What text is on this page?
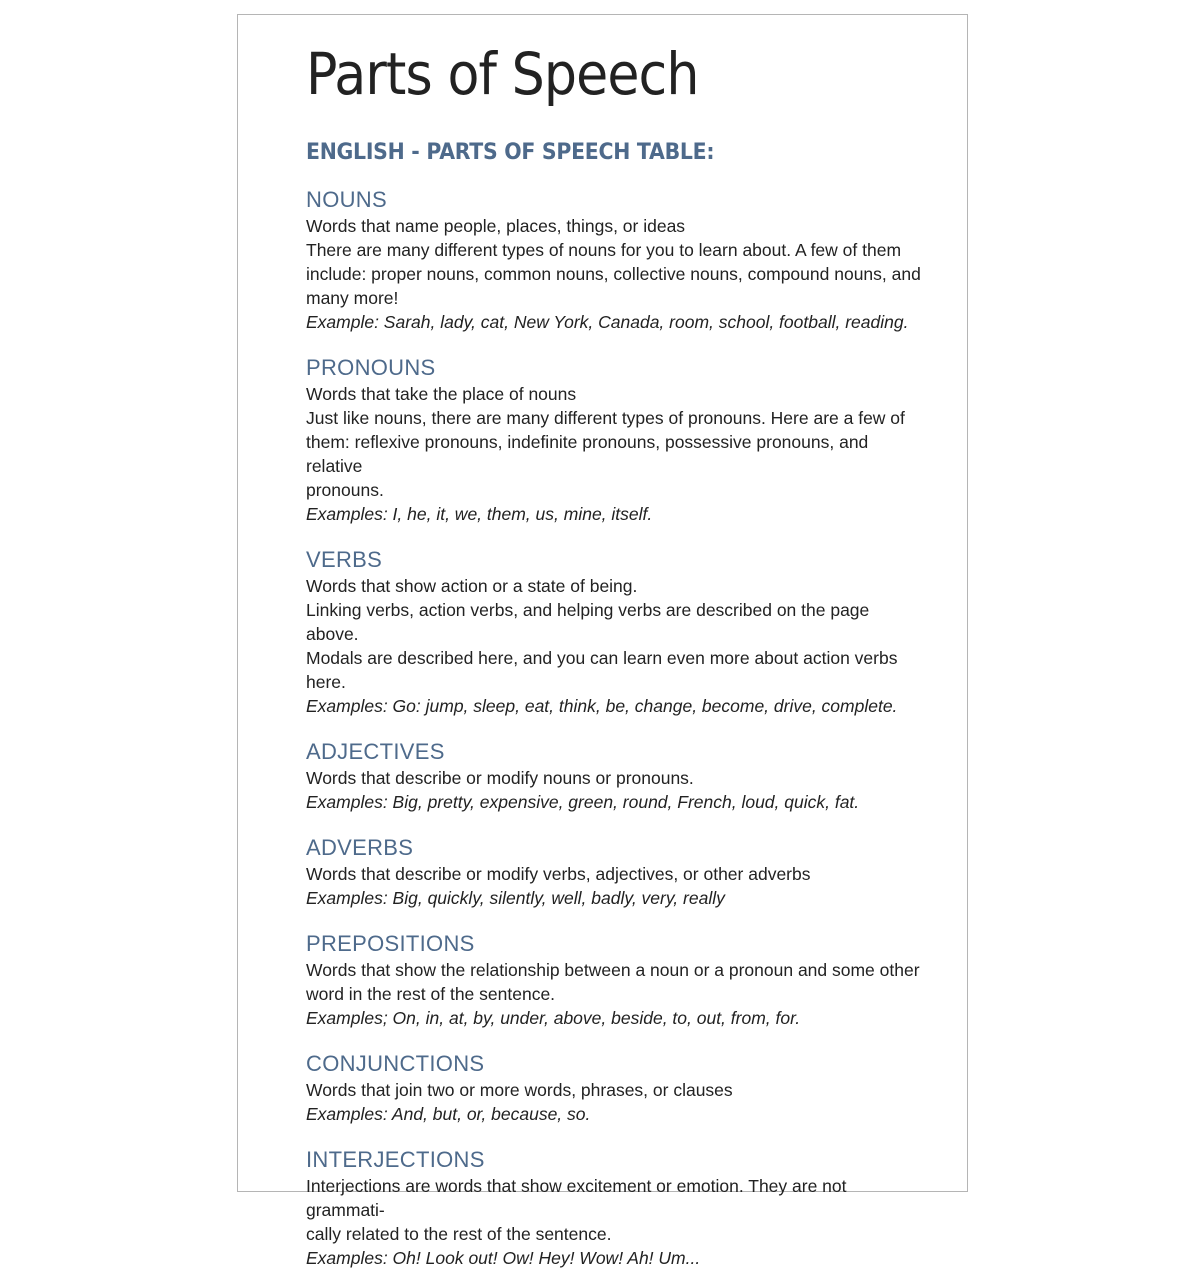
Parts of Speech
ENGLISH - PARTS OF SPEECH TABLE:
NOUNS
Words that name people, places, things, or ideas
There are many different types of nouns for you to learn about. A few of them
include: proper nouns, common nouns, collective nouns, compound nouns, and
many more!
Example: Sarah, lady, cat, New York, Canada, room, school, football, reading.
PRONOUNS
Words that take the place of nouns
Just like nouns, there are many different types of pronouns. Here are a few of
them: reflexive pronouns, indefinite pronouns, possessive pronouns, and relative
pronouns.
Examples: I, he, it, we, them, us, mine, itself.
VERBS
Words that show action or a state of being.
Linking verbs, action verbs, and helping verbs are described on the page above.
Modals are described here, and you can learn even more about action verbs
here.
Examples: Go: jump, sleep, eat, think, be, change, become, drive, complete.
ADJECTIVES
Words that describe or modify nouns or pronouns.
Examples: Big, pretty, expensive, green, round, French, loud, quick, fat.
ADVERBS
Words that describe or modify verbs, adjectives, or other adverbs
Examples: Big, quickly, silently, well, badly, very, really
PREPOSITIONS
Words that show the relationship between a noun or a pronoun and some other
word in the rest of the sentence.
Examples; On, in, at, by, under, above, beside, to, out, from, for.
CONJUNCTIONS
Words that join two or more words, phrases, or clauses
Examples: And, but, or, because, so.
INTERJECTIONS
Interjections are words that show excitement or emotion. They are not grammati-
cally related to the rest of the sentence.
Examples: Oh! Look out! Ow! Hey! Wow! Ah! Um...
